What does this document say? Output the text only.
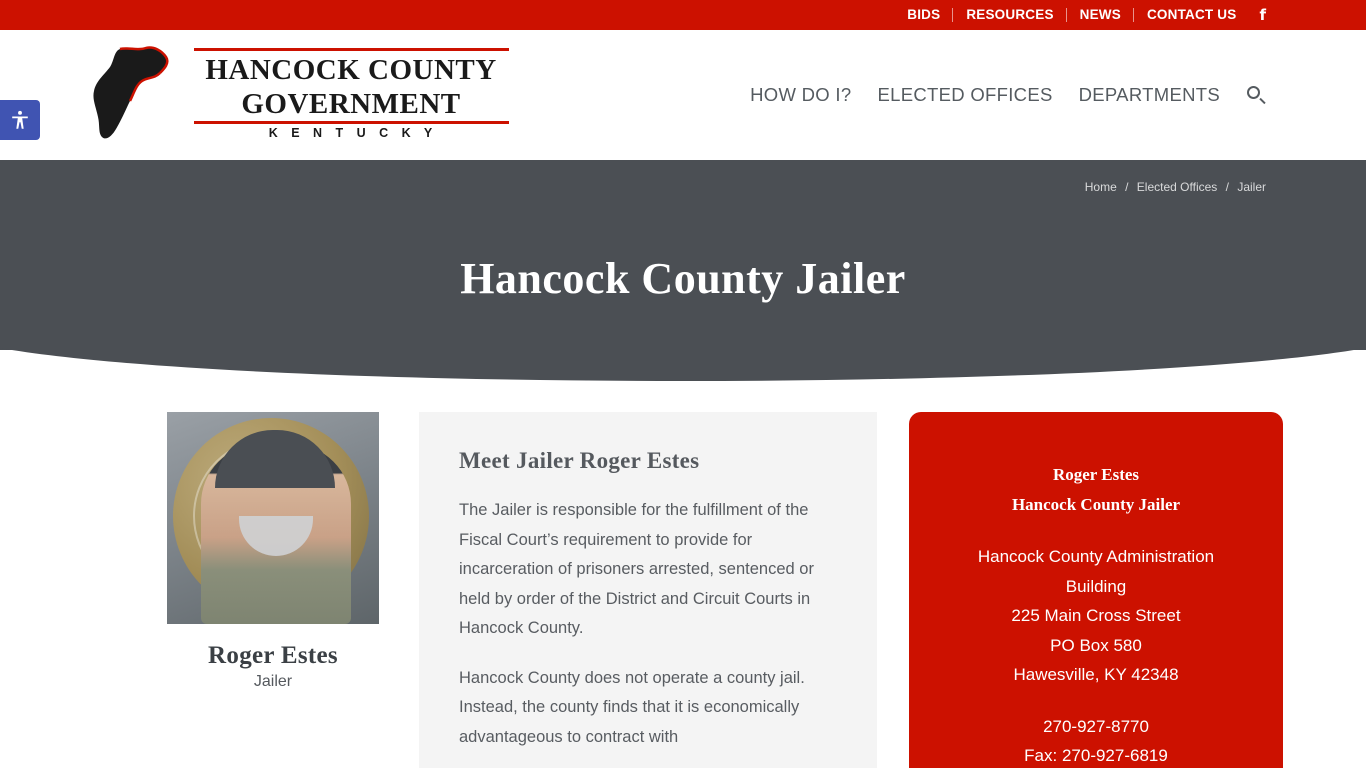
BIDS	RESOURCES	NEWS	CONTACT US	f
HANCOCK COUNTY
GOVERNMENT
K E N T U C K Y
HOW DO I? ELECTED OFFICES DEPARTMENTS
Home / Elected Offices / Jailer
Hancock County Jailer
Roger Estes
Jailer
Meet Jailer Roger Estes

The Jailer is responsible for the fulfillment of the Fiscal Court’s requirement to provide for incarceration of prisoners arrested, sentenced or held by order of the District and Circuit Courts in Hancock County.

Hancock County does not operate a county jail. Instead, the county finds that it is economically advantageous to contract with

Roger Estes
Hancock County Jailer
Hancock County Administration
Building
225 Main Cross Street
PO Box 580
Hawesville, KY 42348
270-927-8770
Fax: 270-927-6819
